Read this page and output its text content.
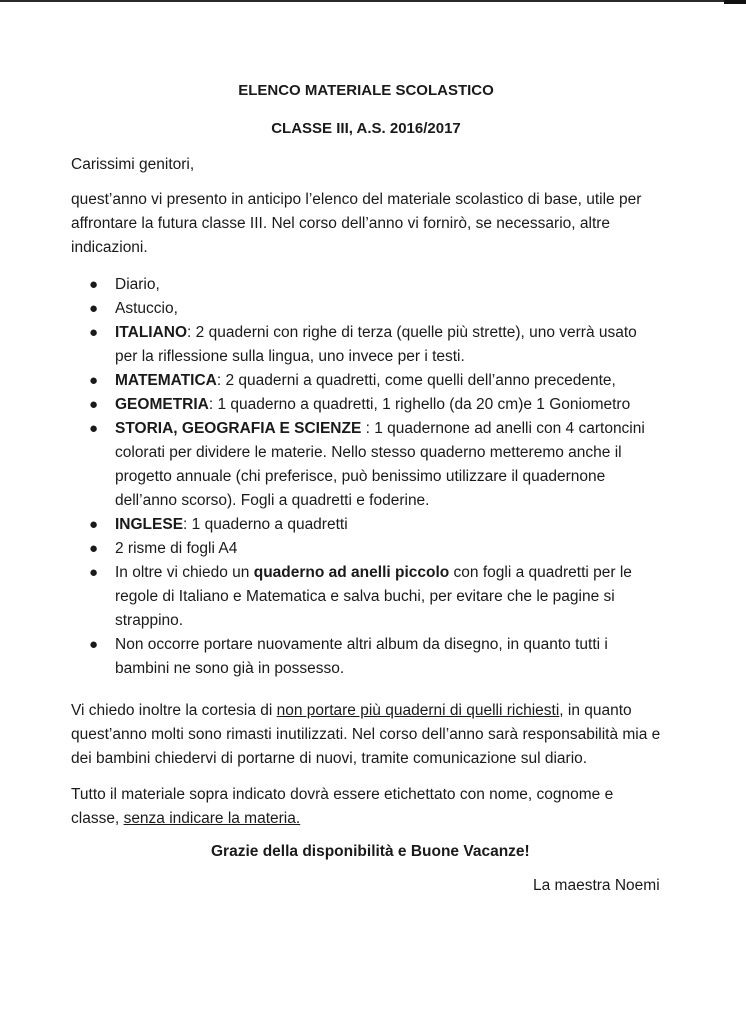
ELENCO MATERIALE SCOLASTICO
CLASSE III, A.S. 2016/2017
Carissimi genitori,
quest’anno vi presento in anticipo l’elenco del materiale scolastico di base, utile per affrontare la futura classe III. Nel corso dell’anno vi fornirò, se necessario, altre indicazioni.
● Diario,
● Astuccio,
● ITALIANO: 2 quaderni con righe di terza (quelle più strette), uno verrà usato per la riflessione sulla lingua, uno invece per i testi.
● MATEMATICA: 2 quaderni a quadretti, come quelli dell’anno precedente,
● GEOMETRIA: 1 quaderno a quadretti, 1 righello (da 20 cm)e 1 Goniometro
● STORIA, GEOGRAFIA E SCIENZE : 1 quadernone ad anelli con 4 cartoncini colorati per dividere le materie. Nello stesso quaderno metteremo anche il progetto annuale (chi preferisce, può benissimo utilizzare il quadernone dell’anno scorso). Fogli a quadretti e foderine.
● INGLESE: 1 quaderno a quadretti
● 2 risme di fogli A4
● In oltre vi chiedo un quaderno ad anelli piccolo con fogli a quadretti per le regole di Italiano e Matematica e salva buchi, per evitare che le pagine si strappino.
● Non occorre portare nuovamente altri album da disegno, in quanto tutti i bambini ne sono già in possesso.
Vi chiedo inoltre la cortesia di non portare più quaderni di quelli richiesti, in quanto quest’anno molti sono rimasti inutilizzati. Nel corso dell’anno sarà responsabilità mia e dei bambini chiedervi di portarne di nuovi, tramite comunicazione sul diario.
Tutto il materiale sopra indicato dovrà essere etichettato con nome, cognome e classe, senza indicare la materia.
Grazie della disponibilità e Buone Vacanze!
La maestra Noemi
